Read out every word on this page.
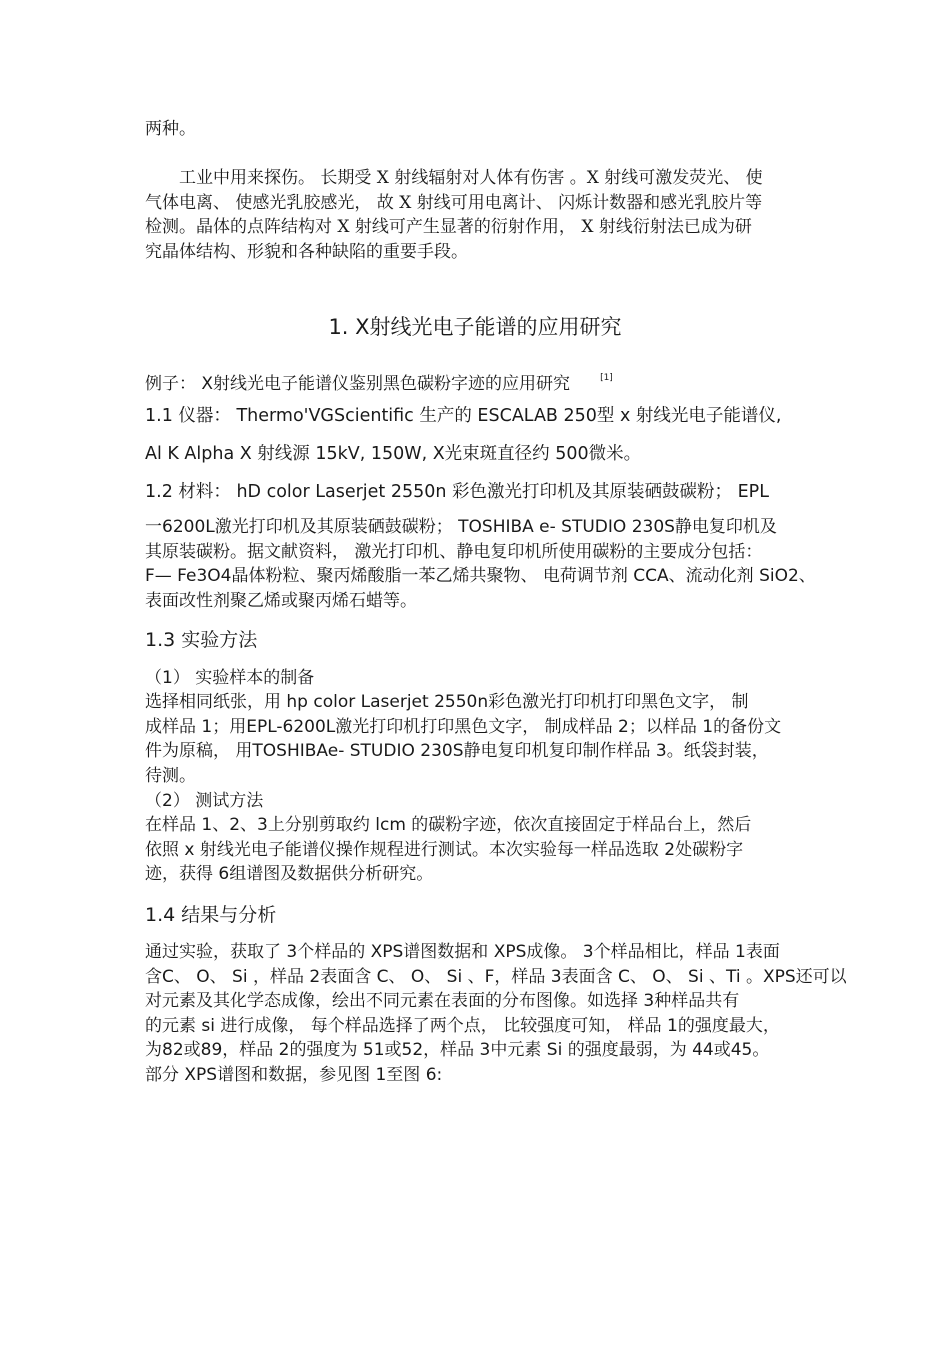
两种。

工业中用来探伤。 长期受 X 射线辐射对人体有伤害 。X 射线可激发荧光、 使
气体电离、 使感光乳胶感光， 故 X 射线可用电离计、 闪烁计数器和感光乳胶片等
检测。晶体的点阵结构对 X 射线可产生显著的衍射作用， X 射线衍射法已成为研
究晶体结构、形貌和各种缺陷的重要手段。
1. X射线光电子能谱的应用研究

例子： X射线光电子能谱仪鉴别黑色碳粉字迹的应用研究	[1]

1.1 仪器： Thermo'VGScientific 生产的 ESCALAB 250型 x 射线光电子能谱仪,

Al K Alpha X 射线源 15kV, 150W, X光束斑直径约 500微米。

1.2 材料： hD color Laserjet 2550n 彩色激光打印机及其原装硒鼓碳粉； EPL

一6200L激光打印机及其原装硒鼓碳粉； TOSHIBA e- STUDIO 230S静电复印机及
其原装碳粉。据文献资料， 激光打印机、静电复印机所使用碳粉的主要成分包括：
F— Fe3O4晶体粉粒、聚丙烯酸脂一苯乙烯共聚物、 电荷调节剂 CCA、流动化剂 SiO2、
表面改性剂聚乙烯或聚丙烯石蜡等。
1.3 实验方法

（1） 实验样本的制备

选择相同纸张，用 hp color Laserjet 2550n彩色激光打印机打印黑色文字， 制
成样品 1；用EPL-6200L激光打印机打印黑色文字， 制成样品 2；以样品 1的备份文
件为原稿， 用TOSHIBAe- STUDIO 230S静电复印机复印制作样品 3。纸袋封装，
待测。

（2） 测试方法

在样品 1、2、3上分别剪取约 lcm 的碳粉字迹，依次直接固定于样品台上，然后
依照 x 射线光电子能谱仪操作规程进行测试。本次实验每一样品选取 2处碳粉字
迹，获得 6组谱图及数据供分析研究。
1.4 结果与分析
通过实验，获取了 3个样品的 XPS谱图数据和 XPS成像。 3个样品相比，样品 1表面
含C、 O、 Si ，样品 2表面含 C、 O、 Si 、F，样品 3表面含 C、 O、 Si 、Ti 。XPS还可以
对元素及其化学态成像，绘出不同元素在表面的分布图像。如选择 3种样品共有
的元素 si 进行成像， 每个样品选择了两个点， 比较强度可知， 样品 1的强度最大，
为82或89，样品 2的强度为 51或52，样品 3中元素 Si 的强度最弱，为 44或45。
部分 XPS谱图和数据，参见图 1至图 6:
